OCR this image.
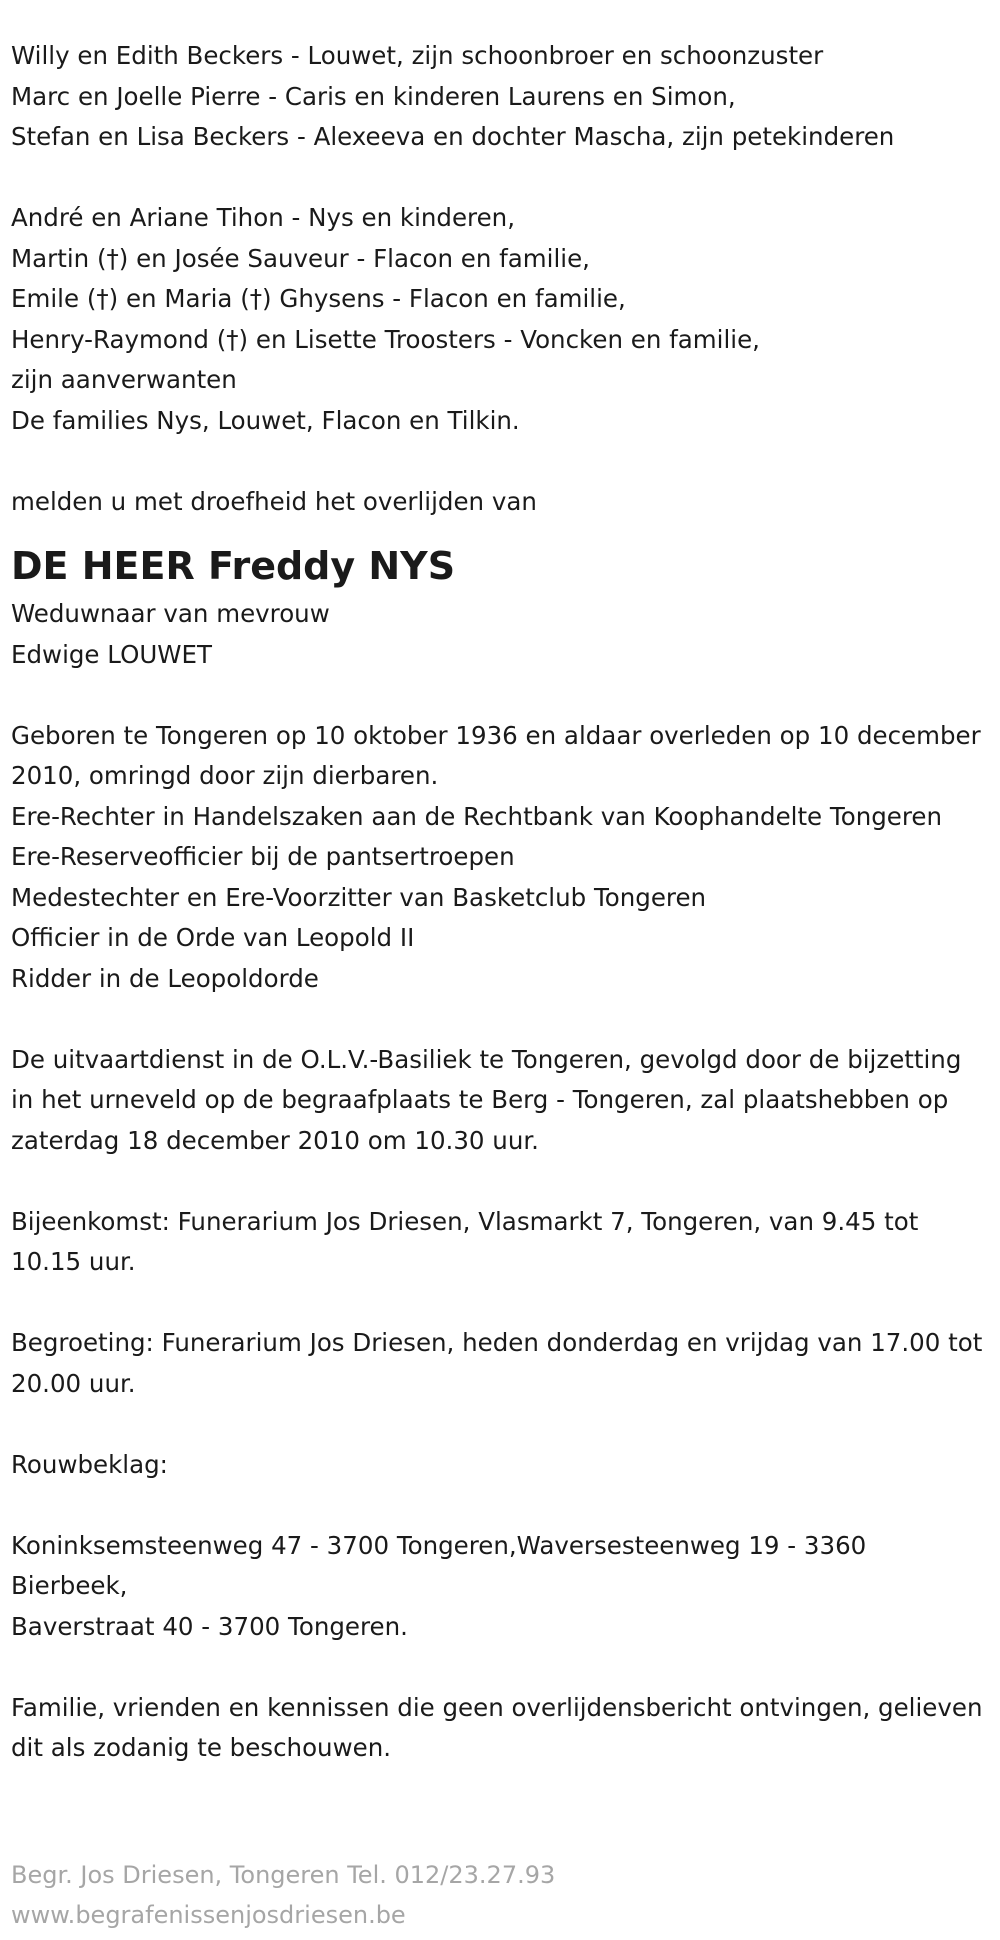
Willy en Edith Beckers - Louwet, zijn schoonbroer en schoonzuster
Marc en Joelle Pierre - Caris en kinderen Laurens en Simon,
Stefan en Lisa Beckers - Alexeeva en dochter Mascha, zijn petekinderen
André en Ariane Tihon - Nys en kinderen,
Martin (†) en Josée Sauveur - Flacon en familie,
Emile (†) en Maria (†) Ghysens - Flacon en familie,
Henry-Raymond (†) en Lisette Troosters - Voncken en familie,
zijn aanverwanten
De families Nys, Louwet, Flacon en Tilkin.
melden u met droefheid het overlijden van
DE HEER Freddy NYS
Weduwnaar van mevrouw
Edwige LOUWET
Geboren te Tongeren op 10 oktober 1936 en aldaar overleden op 10 december 2010, omringd door zijn dierbaren.
Ere-Rechter in Handelszaken aan de Rechtbank van Koophandelte Tongeren
Ere-Reserveofficier bij de pantsertroepen
Medestechter en Ere-Voorzitter van Basketclub Tongeren
Officier in de Orde van Leopold II
Ridder in de Leopoldorde
De uitvaartdienst in de O.L.V.-Basiliek te Tongeren, gevolgd door de bijzetting in het urneveld op de begraafplaats te Berg - Tongeren, zal plaatshebben op zaterdag 18 december 2010 om 10.30 uur.
Bijeenkomst: Funerarium Jos Driesen, Vlasmarkt 7, Tongeren, van 9.45 tot 10.15 uur.
Begroeting: Funerarium Jos Driesen, heden donderdag en vrijdag van 17.00 tot 20.00 uur.
Rouwbeklag:
Koninksemsteenweg 47 - 3700 Tongeren,Waversesteenweg 19 - 3360 Bierbeek,
Baverstraat 40 - 3700 Tongeren.
Familie, vrienden en kennissen die geen overlijdensbericht ontvingen, gelieven dit als zodanig te beschouwen.
Begr. Jos Driesen, Tongeren Tel. 012/23.27.93
www.begrafenissenjosdriesen.be
